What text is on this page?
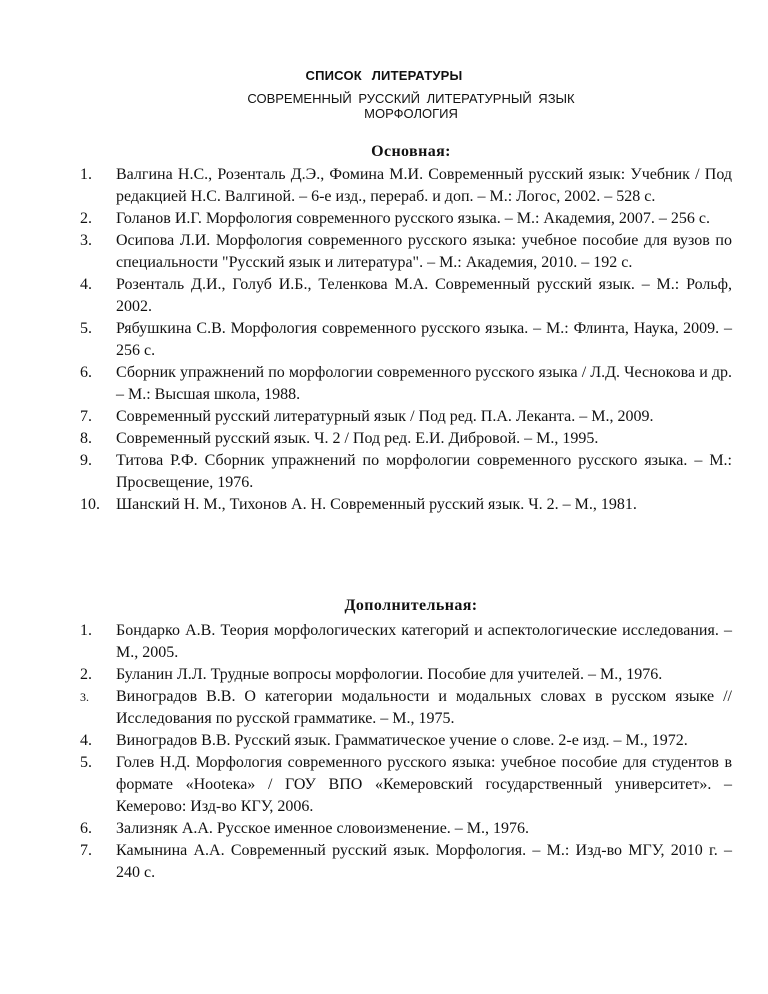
СПИСОК ЛИТЕРАТУРЫ
СОВРЕМЕННЫЙ РУССКИЙ ЛИТЕРАТУРНЫЙ ЯЗЫК
МОРФОЛОГИЯ
Основная:
1.	Валгина Н.С., Розенталь Д.Э., Фомина М.И. Современный русский язык: Учебник / Под редакцией Н.С. Валгиной. – 6-е изд., перераб. и доп. – М.: Логос, 2002. – 528 с.
2.	Голанов И.Г. Морфология современного русского языка. – М.: Академия, 2007. – 256 с.
3.	Осипова Л.И. Морфология современного русского языка: учебное пособие для вузов по специальности "Русский язык и литература". – М.: Академия, 2010. – 192 с.
4.	Розенталь Д.И., Голуб И.Б., Теленкова М.А. Современный русский язык. – М.: Рольф, 2002.
5.	Рябушкина С.В. Морфология современного русского языка. – М.: Флинта, Наука, 2009. – 256 с.
6.	Сборник упражнений по морфологии современного русского языка / Л.Д. Чеснокова и др. – М.: Высшая школа, 1988.
7.	Современный русский литературный язык / Под ред. П.А. Леканта. – М., 2009.
8.	Современный русский язык. Ч. 2 / Под ред. Е.И. Дибровой. – М., 1995.
9.	Титова Р.Ф. Сборник упражнений по морфологии современного русского языка. – М.: Просвещение, 1976.
10.	Шанский Н. М., Тихонов А. Н. Современный русский язык. Ч. 2. – М., 1981.
Дополнительная:
1.	Бондарко А.В. Теория морфологических категорий и аспектологические исследования. – М., 2005.
2.	Буланин Л.Л. Трудные вопросы морфологии. Пособие для учителей. – М., 1976.
3.	Виноградов В.В. О категории модальности и модальных словах в русском языке // Исследования по русской грамматике. – М., 1975.
4.	Виноградов В.В. Русский язык. Грамматическое учение о слове. 2-е изд. – М., 1972.
5.	Голев Н.Д. Морфология современного русского языка: учебное пособие для студентов в формате «Нootека» / ГОУ ВПО «Кемеровский государственный университет». – Кемерово: Изд-во КГУ, 2006.
6.	Зализняк А.А. Русское именное словоизменение. – М., 1976.
7.	Камынина А.А. Современный русский язык. Морфология. – М.: Изд-во МГУ, 2010 г. – 240 с.
